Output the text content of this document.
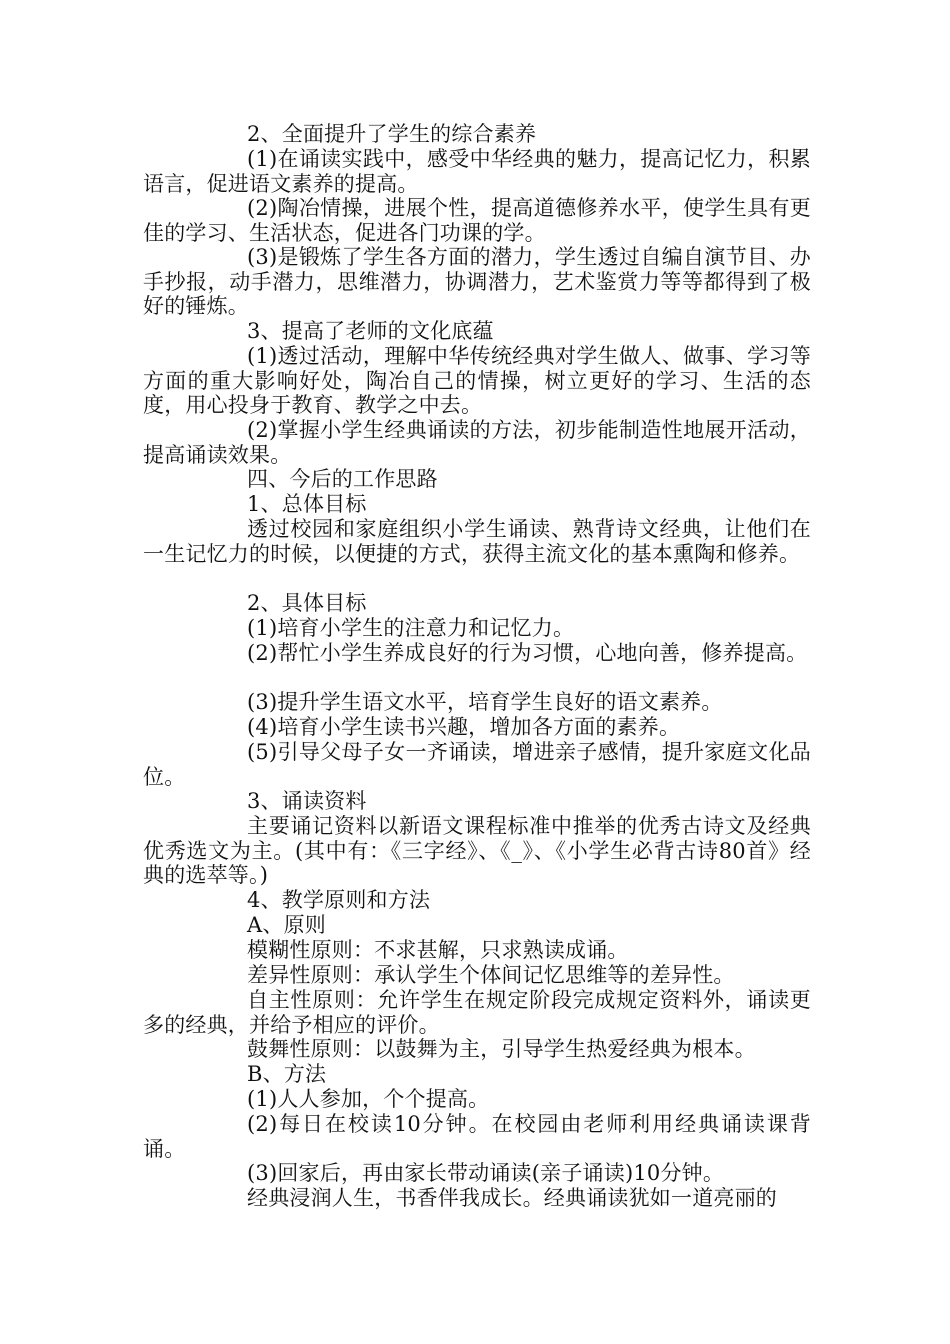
2、全面提升了学生的综合素养

(1)在诵读实践中，感受中华经典的魅力，提高记忆力，积累语言，促进语文素养的提高。

(2)陶冶情操，进展个性，提高道德修养水平，使学生具有更佳的学习、生活状态，促进各门功课的学。

(3)是锻炼了学生各方面的潜力，学生透过自编自演节目、办手抄报，动手潜力，思维潜力，协调潜力，艺术鉴赏力等等都得到了极好的锤炼。

3、提高了老师的文化底蕴

(1)透过活动，理解中华传统经典对学生做人、做事、学习等方面的重大影响好处，陶冶自己的情操，树立更好的学习、生活的态度，用心投身于教育、教学之中去。

(2)掌握小学生经典诵读的方法，初步能制造性地展开活动，提高诵读效果。

四、今后的工作思路

1、总体目标

透过校园和家庭组织小学生诵读、熟背诗文经典，让他们在一生记忆力的时候，以便捷的方式，获得主流文化的基本熏陶和修养。

2、具体目标

(1)培育小学生的注意力和记忆力。

(2)帮忙小学生养成良好的行为习惯，心地向善，修养提高。

(3)提升学生语文水平，培育学生良好的语文素养。

(4)培育小学生读书兴趣，增加各方面的素养。

(5)引导父母子女一齐诵读，增进亲子感情，提升家庭文化品位。

3、诵读资料

主要诵记资料以新语文课程标准中推举的优秀古诗文及经典优秀选文为主。(其中有：《三字经》、《_》、《小学生必背古诗80首》经典的选萃等。)

4、教学原则和方法

A、原则

模糊性原则：不求甚解，只求熟读成诵。

差异性原则：承认学生个体间记忆思维等的差异性。

自主性原则：允许学生在规定阶段完成规定资料外，诵读更多的经典，并给予相应的评价。

鼓舞性原则：以鼓舞为主，引导学生热爱经典为根本。

B、方法

(1)人人参加，个个提高。

(2)每日在校读10分钟。在校园由老师利用经典诵读课背诵。

(3)回家后，再由家长带动诵读(亲子诵读)10分钟。

经典浸润人生，书香伴我成长。经典诵读犹如一道亮丽的
